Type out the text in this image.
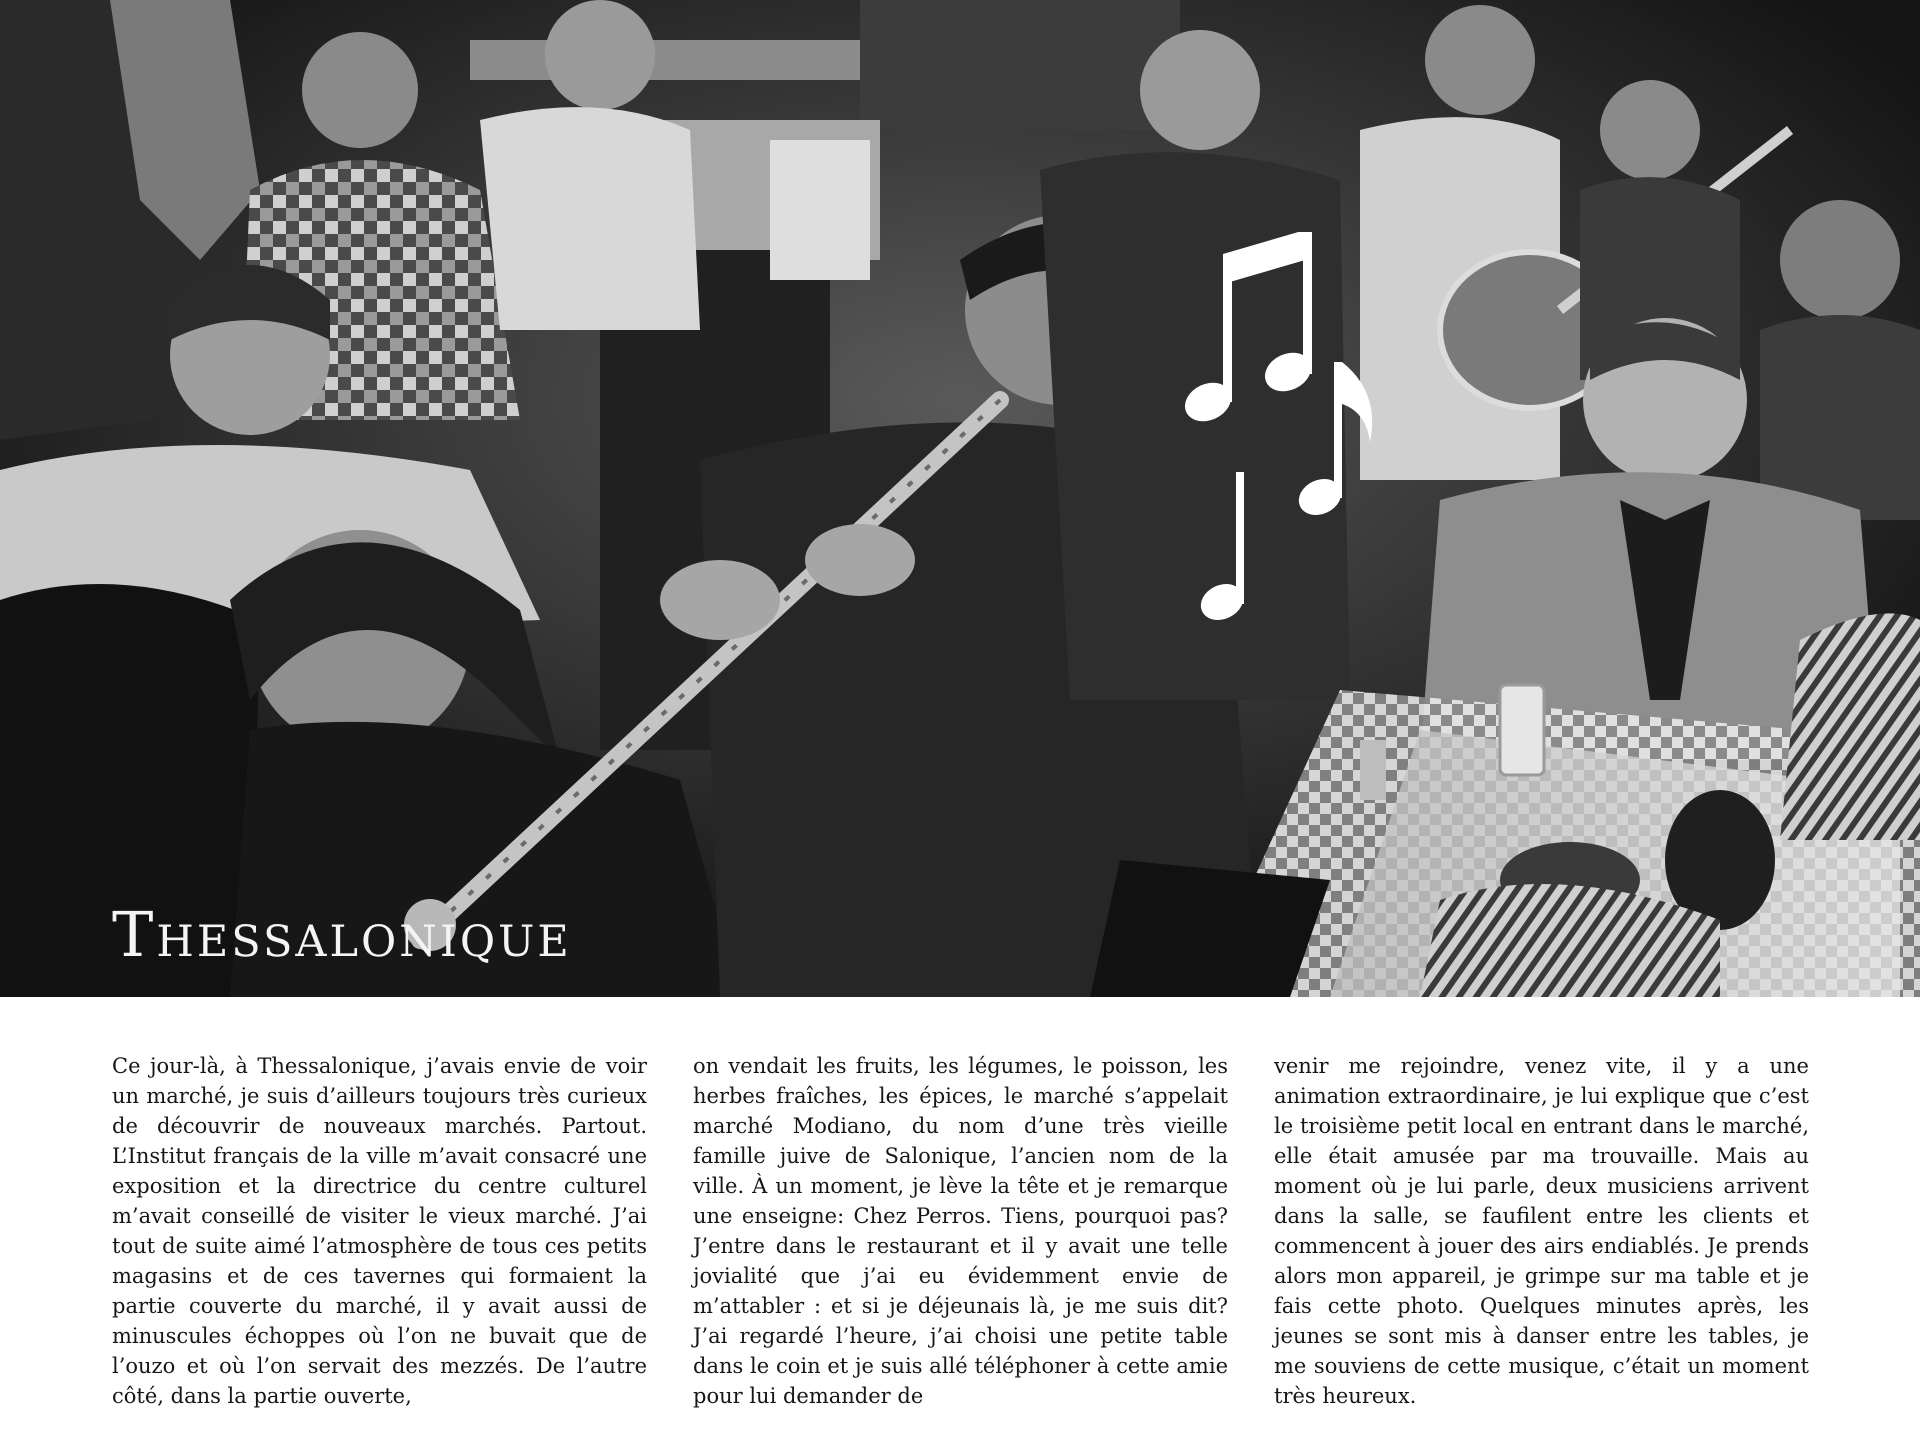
Thessalonique

Ce jour-là, à Thessalonique, j’avais envie de voir un marché, je suis d’ailleurs toujours très curieux de découvrir de nouveaux marchés. Partout. L’Institut français de la ville m’avait consacré une exposition et la directrice du centre culturel m’avait conseillé de visiter le vieux marché. J’ai tout de suite aimé l’atmosphère de tous ces petits magasins et de ces tavernes qui formaient la partie couverte du marché, il y avait aussi de minuscules échoppes où l’on ne buvait que de l’ouzo et où l’on servait des mezzés. De l’autre côté, dans la partie ouverte,

on vendait les fruits, les légumes, le poisson, les herbes fraîches, les épices, le marché s’appelait marché Modiano, du nom d’une très vieille famille juive de Salonique, l’ancien nom de la ville. À un moment, je lève la tête et je remarque une enseigne: Chez Perros. Tiens, pourquoi pas? J’entre dans le restaurant et il y avait une telle jovialité que j’ai eu évidemment envie de m’attabler : et si je déjeunais là, je me suis dit? J’ai regardé l’heure, j’ai choisi une petite table dans le coin et je suis allé téléphoner à cette amie pour lui demander de

venir me rejoindre, venez vite, il y a une animation extraordinaire, je lui explique que c’est le troisième petit local en entrant dans le marché, elle était amusée par ma trouvaille. Mais au moment où je lui parle, deux musiciens arrivent dans la salle, se faufilent entre les clients et commencent à jouer des airs endiablés. Je prends alors mon appareil, je grimpe sur ma table et je fais cette photo. Quelques minutes après, les jeunes se sont mis à danser entre les tables, je me souviens de cette musique, c’était un moment très heureux.
